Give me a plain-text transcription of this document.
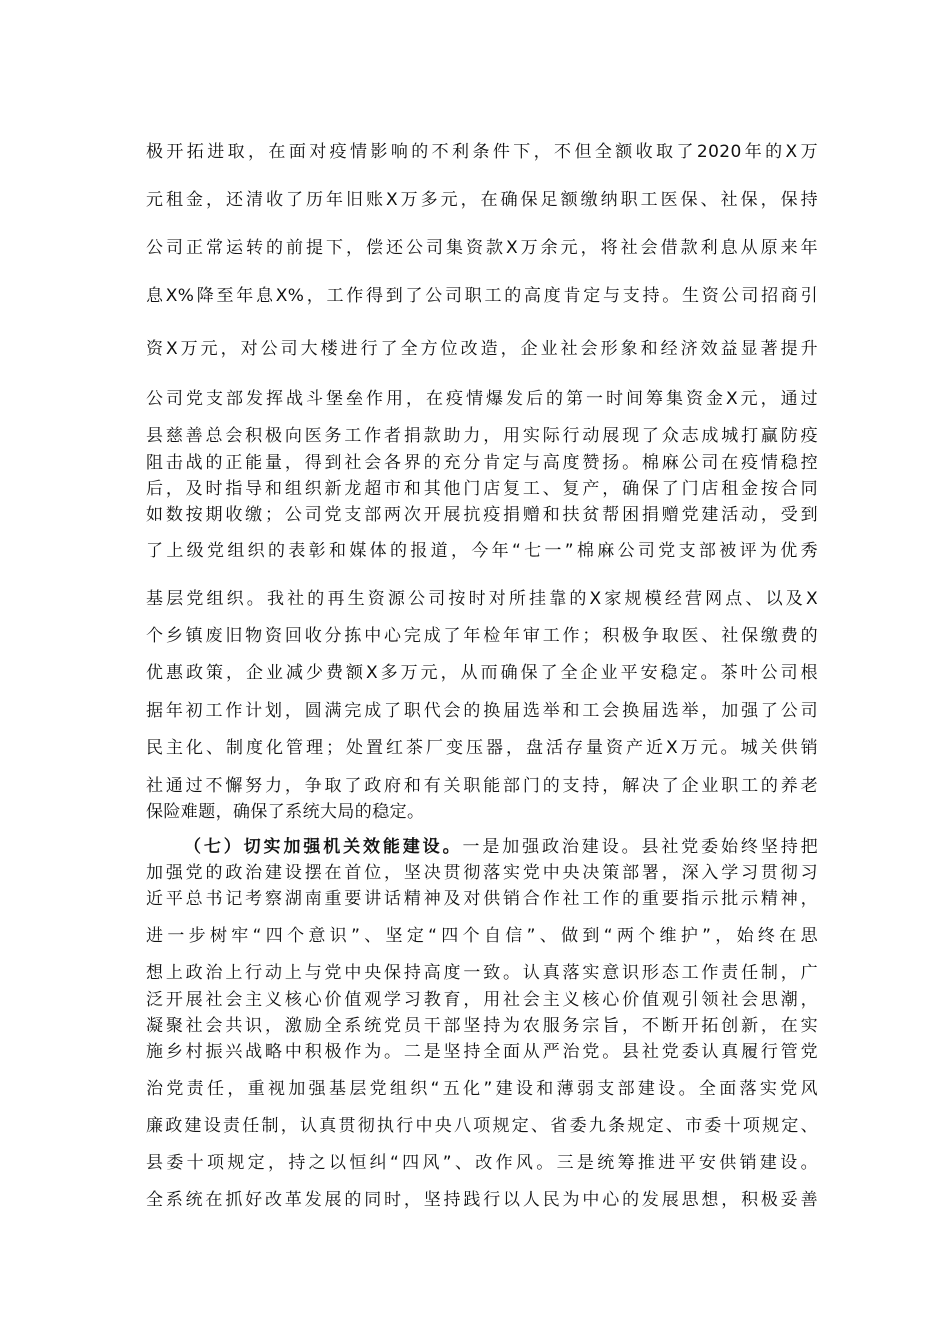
极开拓进取，在面对疫情影响的不利条件下，不但全额收取了2020年的X万
元租金，还清收了历年旧账X万多元，在确保足额缴纳职工医保、社保，保持
公司正常运转的前提下，偿还公司集资款X万余元，将社会借款利息从原来年
息X%降至年息X%，工作得到了公司职工的高度肯定与支持。生资公司招商引
资X万元，对公司大楼进行了全方位改造，企业社会形象和经济效益显著提升
公司党支部发挥战斗堡垒作用，在疫情爆发后的第一时间筹集资金X元，通过
县慈善总会积极向医务工作者捐款助力，用实际行动展现了众志成城打赢防疫
阻击战的正能量，得到社会各界的充分肯定与高度赞扬。棉麻公司在疫情稳控
后，及时指导和组织新龙超市和其他门店复工、复产，确保了门店租金按合同
如数按期收缴；公司党支部两次开展抗疫捐赠和扶贫帮困捐赠党建活动，受到
了上级党组织的表彰和媒体的报道，今年“七一”棉麻公司党支部被评为优秀
基层党组织。我社的再生资源公司按时对所挂靠的X家规模经营网点、以及X
个乡镇废旧物资回收分拣中心完成了年检年审工作；积极争取医、社保缴费的
优惠政策，企业减少费额X多万元，从而确保了全企业平安稳定。茶叶公司根
据年初工作计划，圆满完成了职代会的换届选举和工会换届选举，加强了公司
民主化、制度化管理；处置红茶厂变压器，盘活存量资产近X万元。城关供销
社通过不懈努力，争取了政府和有关职能部门的支持，解决了企业职工的养老
保险难题，确保了系统大局的稳定。
（七）切实加强机关效能建设。一是加强政治建设。县社党委始终坚持把
加强党的政治建设摆在首位，坚决贯彻落实党中央决策部署，深入学习贯彻习
近平总书记考察湖南重要讲话精神及对供销合作社工作的重要指示批示精神，
进一步树牢“四个意识”、坚定“四个自信”、做到“两个维护”，始终在思
想上政治上行动上与党中央保持高度一致。认真落实意识形态工作责任制，广
泛开展社会主义核心价值观学习教育，用社会主义核心价值观引领社会思潮，
凝聚社会共识，激励全系统党员干部坚持为农服务宗旨，不断开拓创新，在实
施乡村振兴战略中积极作为。二是坚持全面从严治党。县社党委认真履行管党
治党责任，重视加强基层党组织“五化”建设和薄弱支部建设。全面落实党风
廉政建设责任制，认真贯彻执行中央八项规定、省委九条规定、市委十项规定、
县委十项规定，持之以恒纠“四风”、改作风。三是统筹推进平安供销建设。
全系统在抓好改革发展的同时，坚持践行以人民为中心的发展思想，积极妥善
